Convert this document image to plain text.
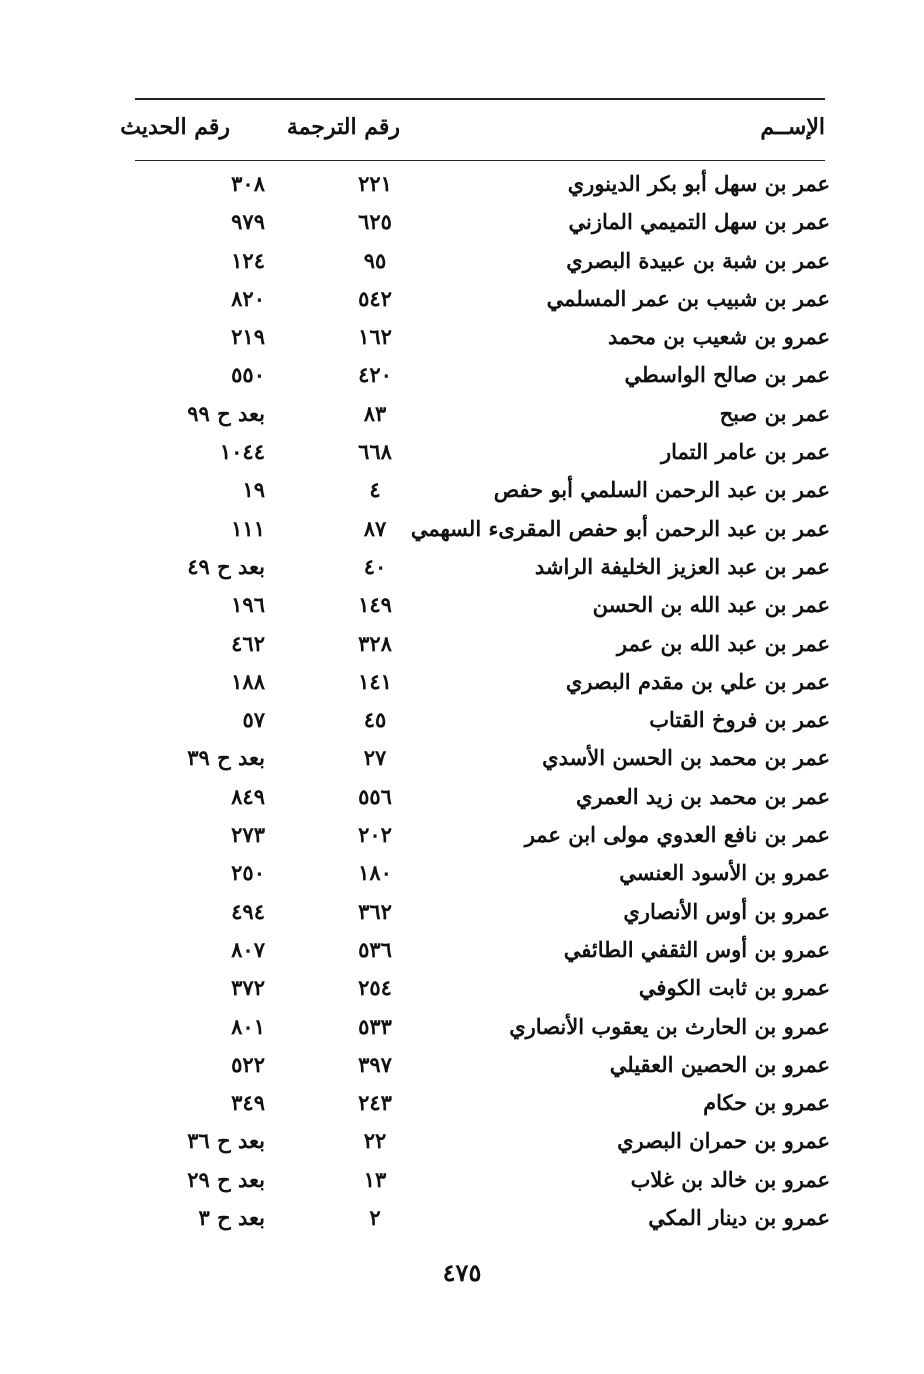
الإســم
رقم الترجمة
رقم الحديث
عمر بن سهل أبو بكر الدينوري
٢٢١
٣٠٨
عمر بن سهل التميمي المازني
٦٢٥
٩٧٩
عمر بن شبة بن عبيدة البصري
٩٥
١٢٤
عمر بن شبيب بن عمر المسلمي
٥٤٢
٨٢٠
عمرو بن شعيب بن محمد
١٦٢
٢١٩
عمر بن صالح الواسطي
٤٢٠
٥٥٠
عمر بن صبح
٨٣
بعد ح ٩٩
عمر بن عامر التمار
٦٦٨
١٠٤٤
عمر بن عبد الرحمن السلمي أبو حفص
٤
١٩
عمر بن عبد الرحمن أبو حفص المقرىء السهمي
٨٧
١١١
عمر بن عبد العزيز الخليفة الراشد
٤٠
بعد ح ٤٩
عمر بن عبد الله بن الحسن
١٤٩
١٩٦
عمر بن عبد الله بن عمر
٣٢٨
٤٦٢
عمر بن علي بن مقدم البصري
١٤١
١٨٨
عمر بن فروخ القتاب
٤٥
٥٧
عمر بن محمد بن الحسن الأسدي
٢٧
بعد ح ٣٩
عمر بن محمد بن زيد العمري
٥٥٦
٨٤٩
عمر بن نافع العدوي مولى ابن عمر
٢٠٢
٢٧٣
عمرو بن الأسود العنسي
١٨٠
٢٥٠
عمرو بن أوس الأنصاري
٣٦٢
٤٩٤
عمرو بن أوس الثقفي الطائفي
٥٣٦
٨٠٧
عمرو بن ثابت الكوفي
٢٥٤
٣٧٢
عمرو بن الحارث بن يعقوب الأنصاري
٥٣٣
٨٠١
عمرو بن الحصين العقيلي
٣٩٧
٥٢٢
عمرو بن حكام
٢٤٣
٣٤٩
عمرو بن حمران البصري
٢٢
بعد ح ٣٦
عمرو بن خالد بن غلاب
١٣
بعد ح ٢٩
عمرو بن دينار المكي
٢
بعد ح ٣
٤٧٥
